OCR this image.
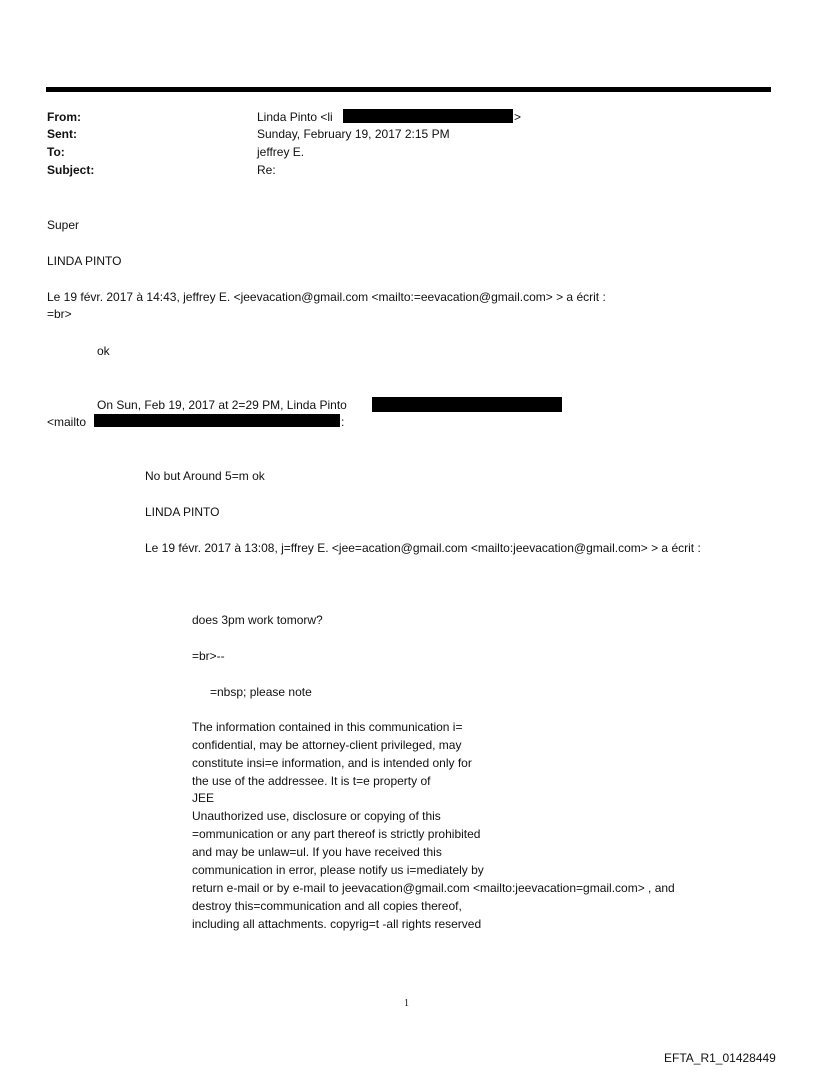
From:
Sent:
To:
Subject:
Linda Pinto <li	>
Sunday, February 19, 2017 2:15 PM
jeffrey E.
Re:
Super
LINDA PINTO
Le 19 févr. 2017 à 14:43, jeffrey E. <jeevacation@gmail.com <mailto:=eevacation@gmail.com> > a écrit :
=br>
ok
On Sun, Feb 19, 2017 at 2=29 PM, Linda Pinto
<mailto	:
No but Around 5=m ok
LINDA PINTO
Le 19 févr. 2017 à 13:08, j=ffrey E. <jee=acation@gmail.com <mailto:jeevacation@gmail.com> > a écrit :
does 3pm work tomorw?
=br>--
=nbsp; please note
The information contained in this communication i=
confidential, may be attorney-client privileged, may
constitute insi=e information, and is intended only for
the use of the addressee. It is t=e property of
JEE
Unauthorized use, disclosure or copying of this
=ommunication or any part thereof is strictly prohibited
and may be unlaw=ul. If you have received this
communication in error, please notify us i=mediately by
return e-mail or by e-mail to jeevacation@gmail.com <mailto:jeevacation=gmail.com> , and
destroy this=communication and all copies thereof,
including all attachments. copyrig=t -all rights reserved
1
EFTA_R1_01428449
